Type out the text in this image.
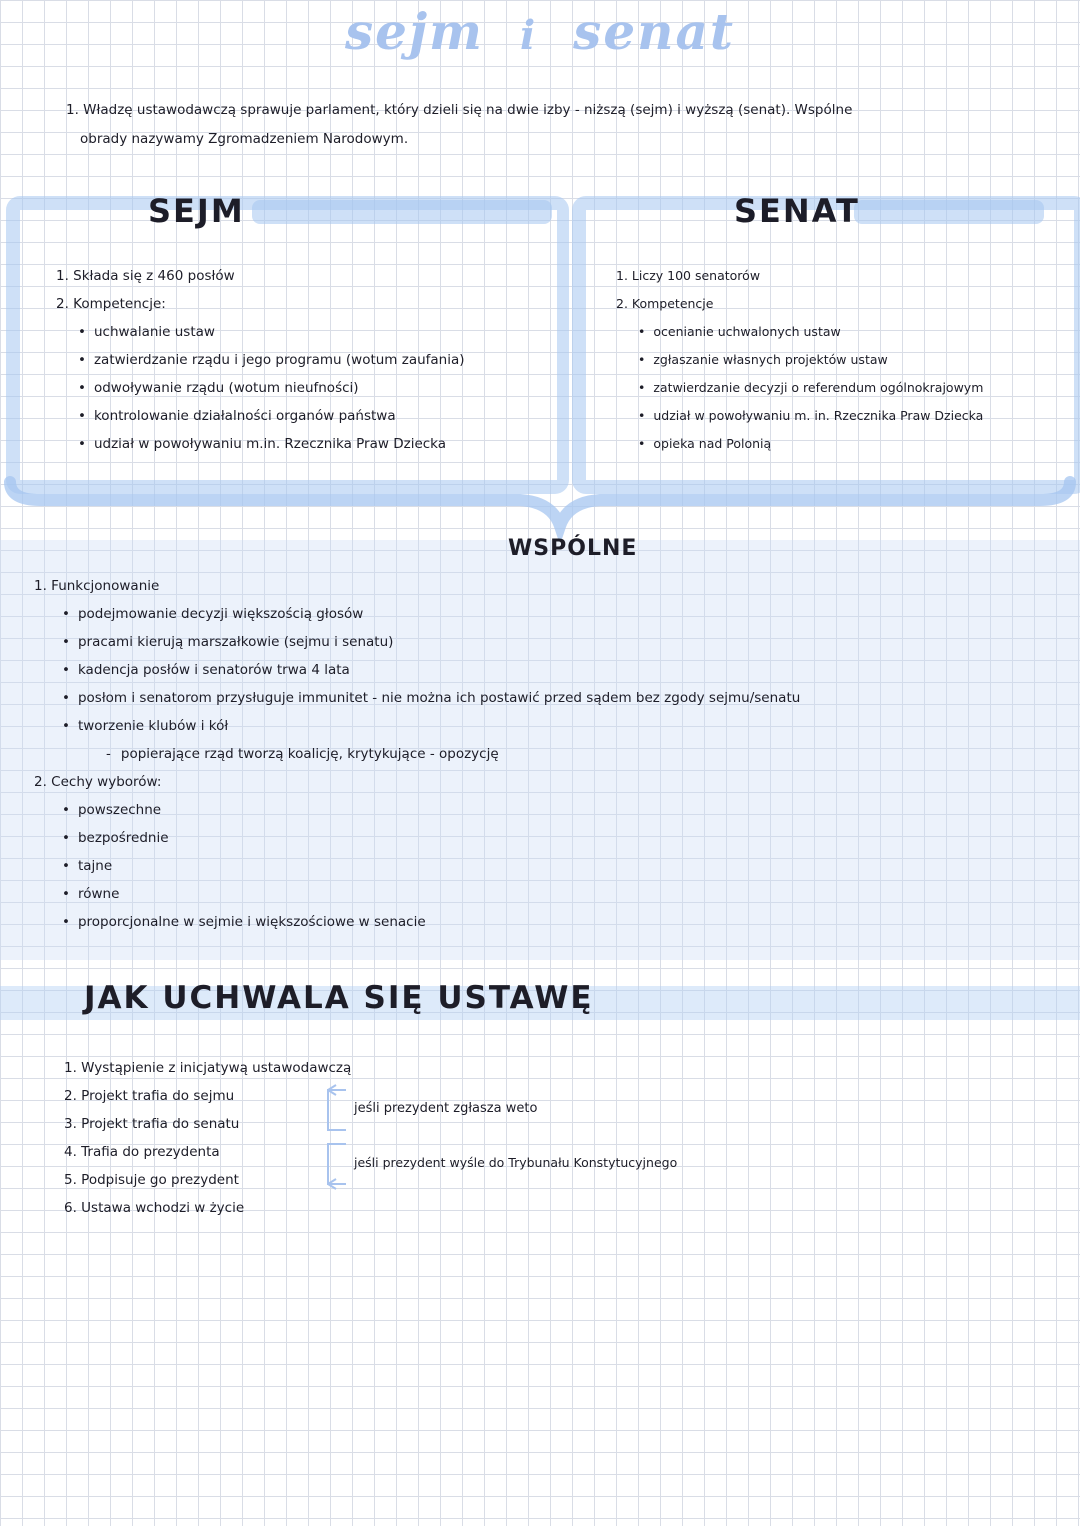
sejm i senat
1. Władzę ustawodawczą sprawuje parlament, który dzieli się na dwie izby - niższą (sejm) i wyższą (senat). Wspólne
obrady nazywamy Zgromadzeniem Narodowym.
SEJM
1. Składa się z 460 posłów
2. Kompetencje:
• uchwalanie ustaw
• zatwierdzanie rządu i jego programu (wotum zaufania)
• odwoływanie rządu (wotum nieufności)
• kontrolowanie działalności organów państwa
• udział w powoływaniu m.in. Rzecznika Praw Dziecka
SENAT
1. Liczy 100 senatorów
2. Kompetencje
• ocenianie uchwalonych ustaw
• zgłaszanie własnych projektów ustaw
• zatwierdzanie decyzji o referendum ogólnokrajowym
• udział w powoływaniu m. in. Rzecznika Praw Dziecka
• opieka nad Polonią
WSPÓLNE
1. Funkcjonowanie
• podejmowanie decyzji większością głosów
• pracami kierują marszałkowie (sejmu i senatu)
• kadencja posłów i senatorów trwa 4 lata
• posłom i senatorom przysługuje immunitet - nie można ich postawić przed sądem bez zgody sejmu/senatu
• tworzenie klubów i kół
- popierające rząd tworzą koalicję, krytykujące - opozycję
2. Cechy wyborów:
• powszechne
• bezpośrednie
• tajne
• równe
• proporcjonalne w sejmie i większościowe w senacie
JAK UCHWALA SIĘ USTAWĘ
1. Wystąpienie z inicjatywą ustawodawczą
2. Projekt trafia do sejmu
3. Projekt trafia do senatu
4. Trafia do prezydenta
5. Podpisuje go prezydent
6. Ustawa wchodzi w życie
jeśli prezydent zgłasza weto
jeśli prezydent wyśle do Trybunału Konstytucyjnego
